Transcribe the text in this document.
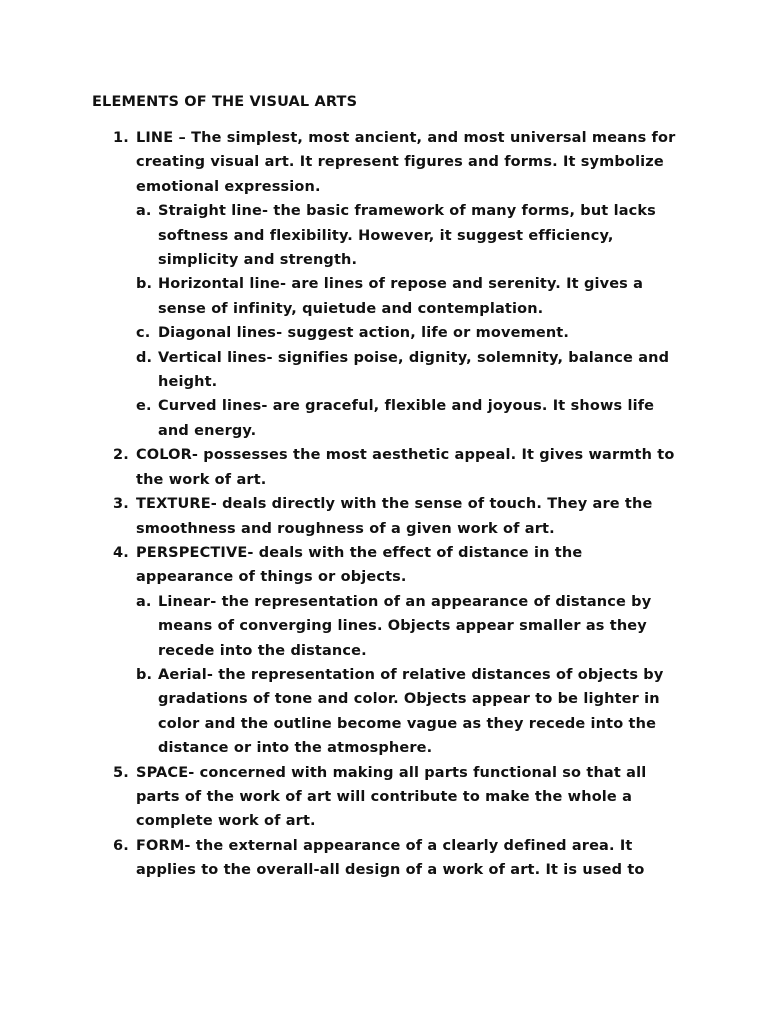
ELEMENTS OF THE VISUAL ARTS
1. LINE – The simplest, most ancient, and most universal means for creating visual art. It represent figures and forms. It symbolize emotional expression.
a. Straight line- the basic framework of many forms, but lacks softness and flexibility. However, it suggest efficiency, simplicity and strength.
b. Horizontal line- are lines of repose and serenity. It gives a sense of infinity, quietude and contemplation.
c. Diagonal lines- suggest action, life or movement.
d. Vertical lines- signifies poise, dignity, solemnity, balance and height.
e. Curved lines- are graceful, flexible and joyous. It shows life and energy.
2. COLOR- possesses the most aesthetic appeal. It gives warmth to the work of art.
3. TEXTURE- deals directly with the sense of touch. They are the smoothness and roughness of a given work of art.
4. PERSPECTIVE- deals with the effect of distance in the appearance of things or objects.
a. Linear- the representation of an appearance of distance by means of converging lines. Objects appear smaller as they recede into the distance.
b. Aerial- the representation of relative distances of objects by gradations of tone and color. Objects appear to be lighter in color and the outline become vague as they recede into the distance or into the atmosphere.
5. SPACE- concerned with making all parts functional so that all parts of the work of art will contribute to make the whole a complete work of art.
6. FORM- the external appearance of a clearly defined area. It applies to the overall-all design of a work of art. It is used to
